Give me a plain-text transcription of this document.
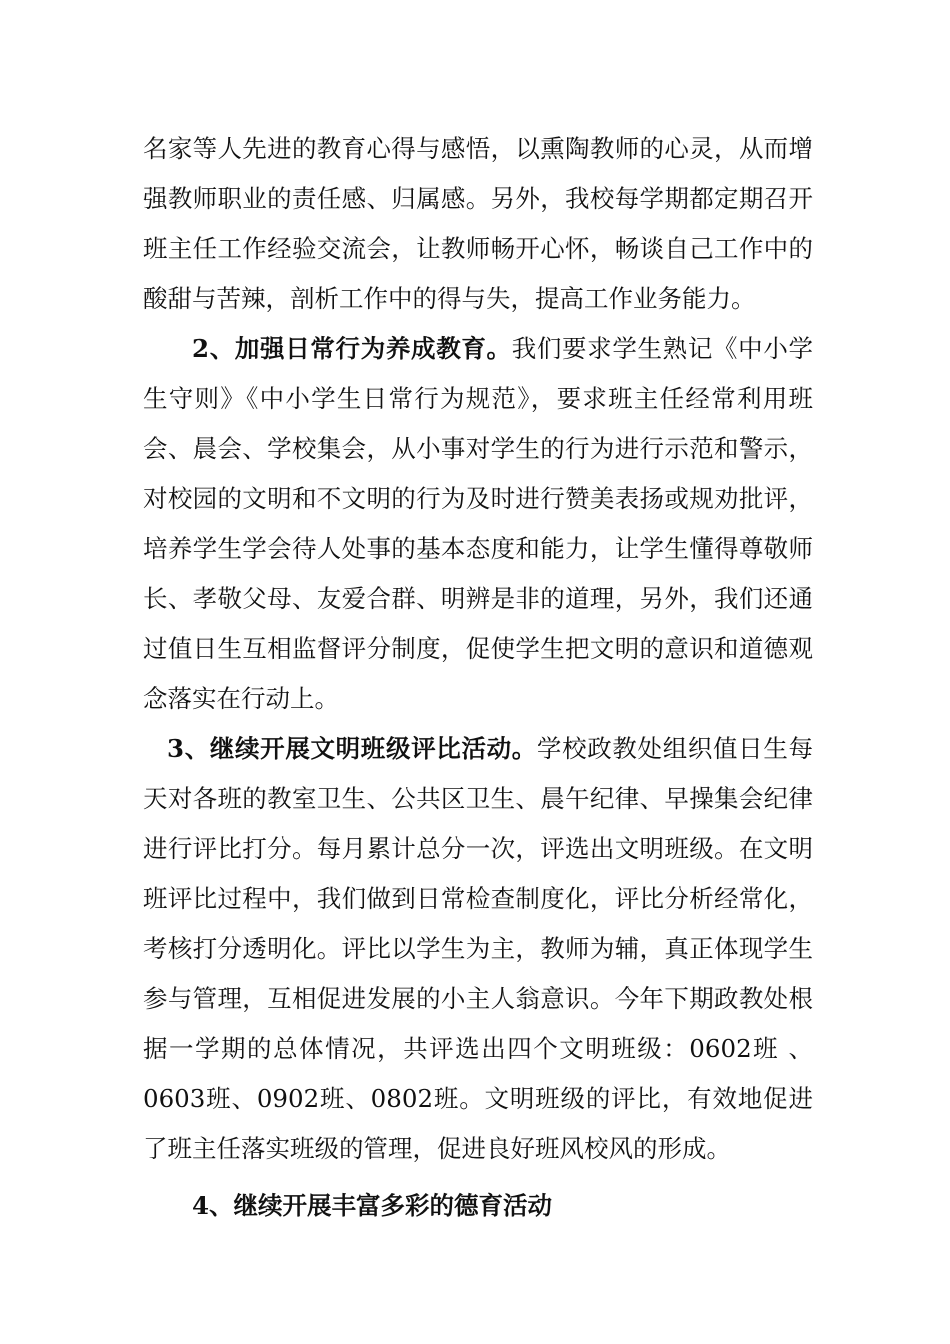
名家等人先进的教育心得与感悟，以熏陶教师的心灵，从而增强教师职业的责任感、归属感。另外，我校每学期都定期召开班主任工作经验交流会，让教师畅开心怀，畅谈自己工作中的酸甜与苦辣，剖析工作中的得与失，提高工作业务能力。

2、加强日常行为养成教育。我们要求学生熟记《中小学生守则》《中小学生日常行为规范》，要求班主任经常利用班会、晨会、学校集会，从小事对学生的行为进行示范和警示，对校园的文明和不文明的行为及时进行赞美表扬或规劝批评，培养学生学会待人处事的基本态度和能力，让学生懂得尊敬师长、孝敬父母、友爱合群、明辨是非的道理，另外，我们还通过值日生互相监督评分制度，促使学生把文明的意识和道德观念落实在行动上。

3、继续开展文明班级评比活动。学校政教处组织值日生每天对各班的教室卫生、公共区卫生、晨午纪律、早操集会纪律进行评比打分。每月累计总分一次，评选出文明班级。在文明班评比过程中，我们做到日常检查制度化，评比分析经常化，考核打分透明化。评比以学生为主，教师为辅，真正体现学生参与管理，互相促进发展的小主人翁意识。今年下期政教处根据一学期的总体情况，共评选出四个文明班级：0602班 、0603班、0902班、0802班。文明班级的评比，有效地促进了班主任落实班级的管理，促进良好班风校风的形成。

4、继续开展丰富多彩的德育活动
